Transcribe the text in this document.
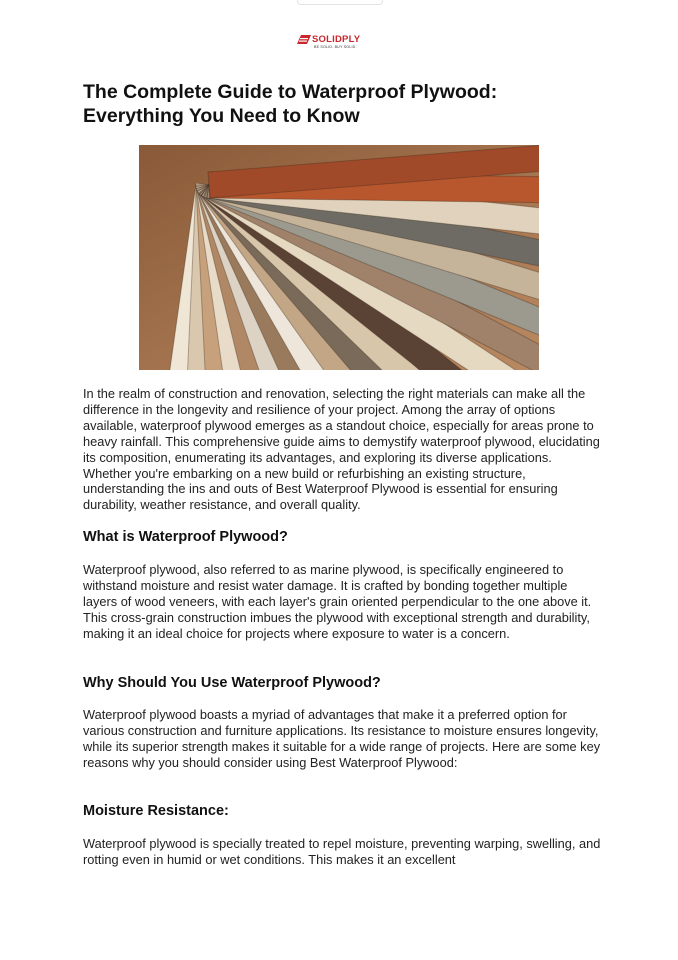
SOLIDPLY
BE SOLID. BUY SOLID.
The Complete Guide to Waterproof Plywood: Everything You Need to Know

In the realm of construction and renovation, selecting the right materials can make all the difference in the longevity and resilience of your project. Among the array of options available, waterproof plywood emerges as a standout choice, especially for areas prone to heavy rainfall. This comprehensive guide aims to demystify waterproof plywood, elucidating its composition, enumerating its advantages, and exploring its diverse applications. Whether you're embarking on a new build or refurbishing an existing structure, understanding the ins and outs of Best Waterproof Plywood is essential for ensuring durability, weather resistance, and overall quality.

What is Waterproof Plywood?

Waterproof plywood, also referred to as marine plywood, is specifically engineered to withstand moisture and resist water damage. It is crafted by bonding together multiple layers of wood veneers, with each layer's grain oriented perpendicular to the one above it. This cross-grain construction imbues the plywood with exceptional strength and durability, making it an ideal choice for projects where exposure to water is a concern.

Why Should You Use Waterproof Plywood?

Waterproof plywood boasts a myriad of advantages that make it a preferred option for various construction and furniture applications. Its resistance to moisture ensures longevity, while its superior strength makes it suitable for a wide range of projects. Here are some key reasons why you should consider using Best Waterproof Plywood:

Moisture Resistance:

Waterproof plywood is specially treated to repel moisture, preventing warping, swelling, and rotting even in humid or wet conditions. This makes it an excellent
